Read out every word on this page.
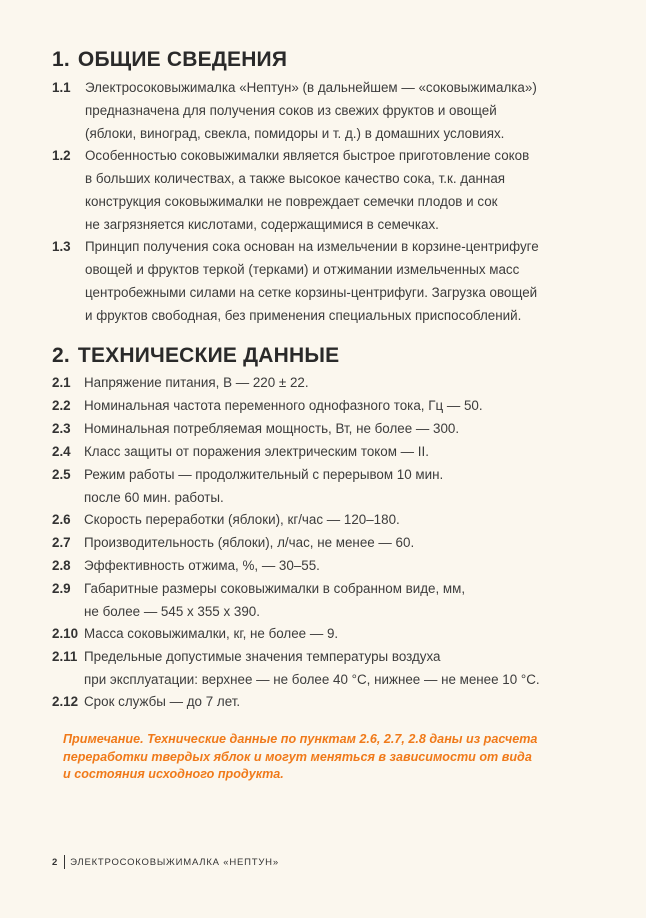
1. ОБЩИЕ СВЕДЕНИЯ
1.1	Электросоковыжималка «Нептун» (в дальнейшем — «соковыжималка»)
предназначена для получения соков из свежих фруктов и овощей
(яблоки, виноград, свекла, помидоры и т. д.) в домашних условиях.
1.2	Особенностью соковыжималки является быстрое приготовление соков
в больших количествах, а также высокое качество сока, т.к. данная
конструкция соковыжималки не повреждает семечки плодов и сок
не загрязняется кислотами, содержащимися в семечках.
1.3	Принцип получения сока основан на измельчении в корзине-центрифуге
овощей и фруктов теркой (терками) и отжимании измельченных масс
центробежными силами на сетке корзины-центрифуги. Загрузка овощей
и фруктов свободная, без применения специальных приспособлений.
2. ТЕХНИЧЕСКИЕ ДАННЫЕ
2.1 Напряжение питания, В — 220 ± 22.
2.2 Номинальная частота переменного однофазного тока, Гц — 50.
2.3 Номинальная потребляемая мощность, Вт, не более — 300.
2.4 Класс защиты от поражения электрическим током — II.
2.5 Режим работы — продолжительный с перерывом 10 мин.
после 60 мин. работы.
2.6 Скорость переработки (яблоки), кг/час — 120–180.
2.7 Производительность (яблоки), л/час, не менее — 60.
2.8 Эффективность отжима, %, — 30–55.
2.9 Габаритные размеры соковыжималки в собранном виде, мм,
не более — 545 х 355 х 390.
2.10 Масса соковыжималки, кг, не более — 9.
2.11 Предельные допустимые значения температуры воздуха
при эксплуатации: верхнее — не более 40 °С, нижнее — не менее 10 °С.
2.12 Срок службы — до 7 лет.
Примечание. Технические данные по пунктам 2.6, 2.7, 2.8 даны из расчета
переработки твердых яблок и могут меняться в зависимости от вида
и состояния исходного продукта.
2 ЭЛЕКТРОСОКОВЫЖИМАЛКА «НЕПТУН»
